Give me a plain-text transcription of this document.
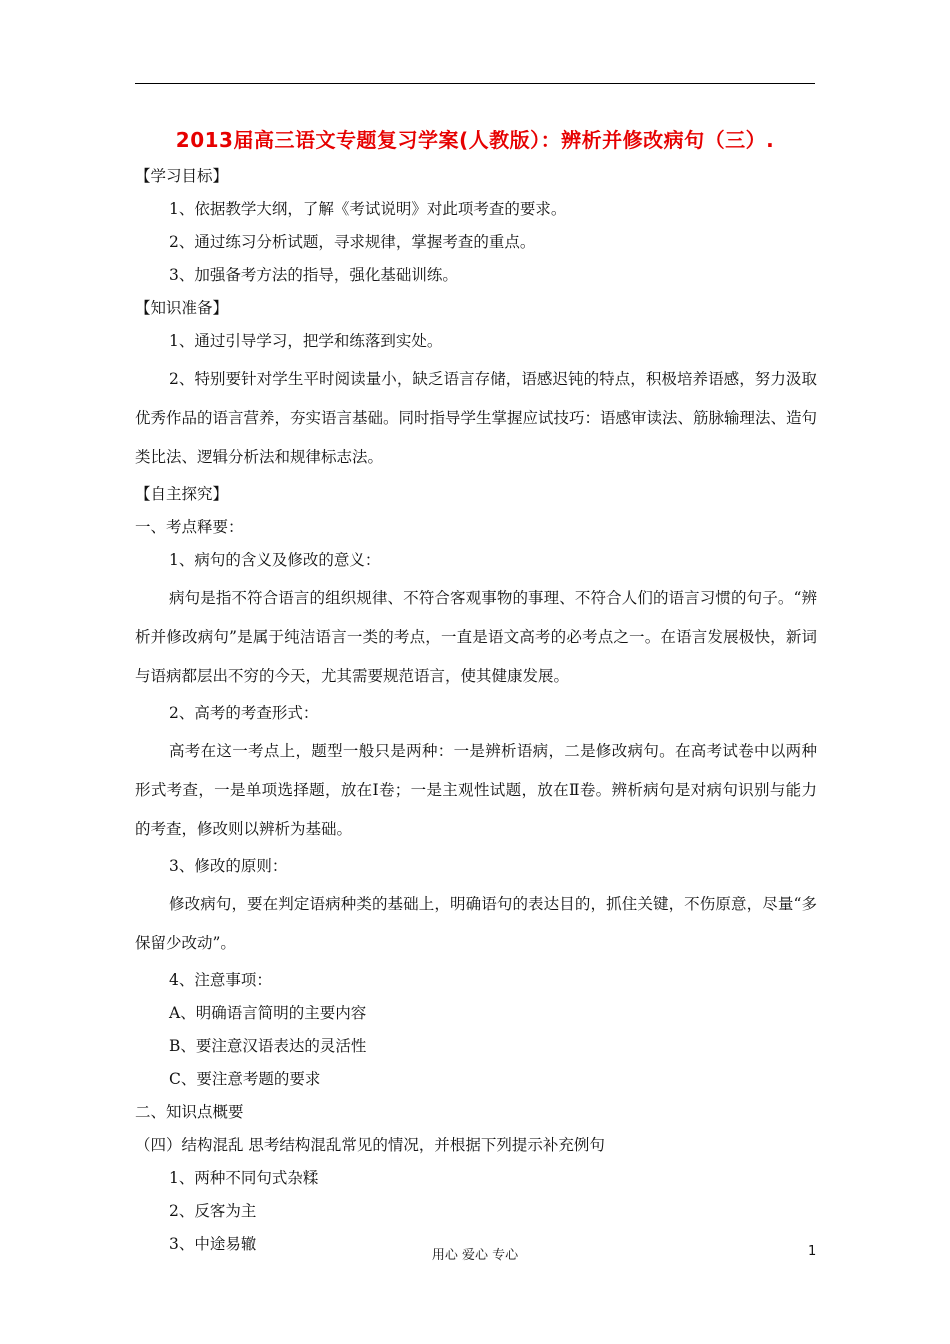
2013届高三语文专题复习学案(人教版）：辨析并修改病句（三）.
【学习目标】
1、依据教学大纲，了解《考试说明》对此项考查的要求。
2、通过练习分析试题，寻求规律，掌握考查的重点。
3、加强备考方法的指导，强化基础训练。
【知识准备】
1、通过引导学习，把学和练落到实处。
2、特别要针对学生平时阅读量小，缺乏语言存储，语感迟钝的特点，积极培养语感，努力汲取优秀作品的语言营养，夯实语言基础。同时指导学生掌握应试技巧：语感审读法、筋脉输理法、造句类比法、逻辑分析法和规律标志法。
【自主探究】
一、考点释要：
1、病句的含义及修改的意义：
病句是指不符合语言的组织规律、不符合客观事物的事理、不符合人们的语言习惯的句子。“辨析并修改病句”是属于纯洁语言一类的考点，一直是语文高考的必考点之一。在语言发展极快，新词与语病都层出不穷的今天，尤其需要规范语言，使其健康发展。
2、高考的考查形式：
高考在这一考点上，题型一般只是两种：一是辨析语病，二是修改病句。在高考试卷中以两种形式考查，一是单项选择题，放在Ⅰ卷；一是主观性试题，放在Ⅱ卷。辨析病句是对病句识别与能力的考查，修改则以辨析为基础。
3、修改的原则：
修改病句，要在判定语病种类的基础上，明确语句的表达目的，抓住关键，不伤原意，尽量“多保留少改动”。
4、注意事项：
A、明确语言简明的主要内容
B、要注意汉语表达的灵活性
C、要注意考题的要求
二、知识点概要
（四）结构混乱 思考结构混乱常见的情况，并根据下列提示补充例句
1、两种不同句式杂糅
2、反客为主
3、中途易辙
用心 爱心 专心	1
